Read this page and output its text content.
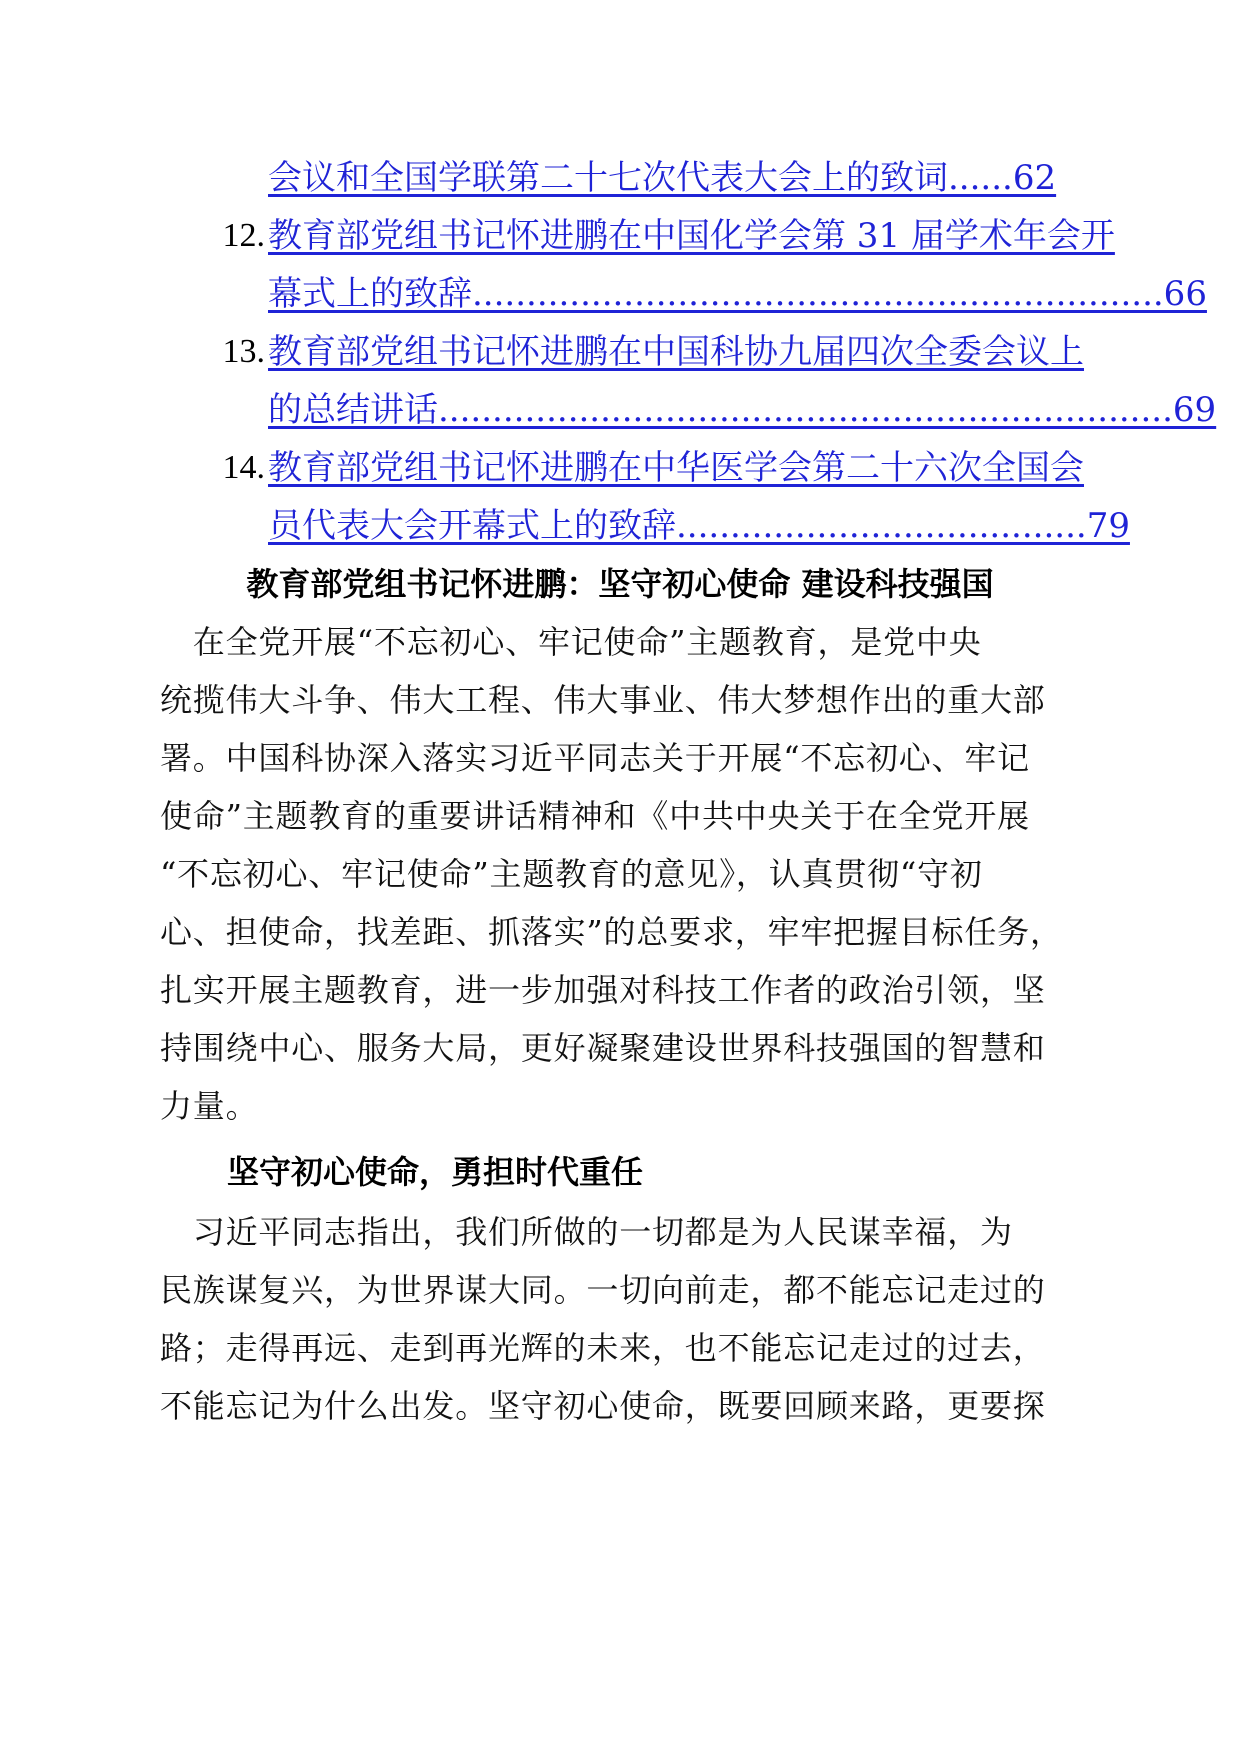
会议和全国学联第二十七次代表大会上的致词......62
12. 教育部党组书记怀进鹏在中国化学会第 31 届学术年会开
幕式上的致辞................................................................66
13. 教育部党组书记怀进鹏在中国科协九届四次全委会议上
的总结讲话....................................................................69
14. 教育部党组书记怀进鹏在中华医学会第二十六次全国会
员代表大会开幕式上的致辞......................................79
教育部党组书记怀进鹏：坚守初心使命 建设科技强国
　在全党开展“不忘初心、牢记使命”主题教育，是党中央
统揽伟大斗争、伟大工程、伟大事业、伟大梦想作出的重大部
署。中国科协深入落实习近平同志关于开展“不忘初心、牢记
使命”主题教育的重要讲话精神和《中共中央关于在全党开展
“不忘初心、牢记使命”主题教育的意见》，认真贯彻“守初
心、担使命，找差距、抓落实”的总要求，牢牢把握目标任务，
扎实开展主题教育，进一步加强对科技工作者的政治引领，坚
持围绕中心、服务大局，更好凝聚建设世界科技强国的智慧和
力量。
坚守初心使命，勇担时代重任
　习近平同志指出，我们所做的一切都是为人民谋幸福，为
民族谋复兴，为世界谋大同。一切向前走，都不能忘记走过的
路；走得再远、走到再光辉的未来，也不能忘记走过的过去，
不能忘记为什么出发。坚守初心使命，既要回顾来路，更要探
